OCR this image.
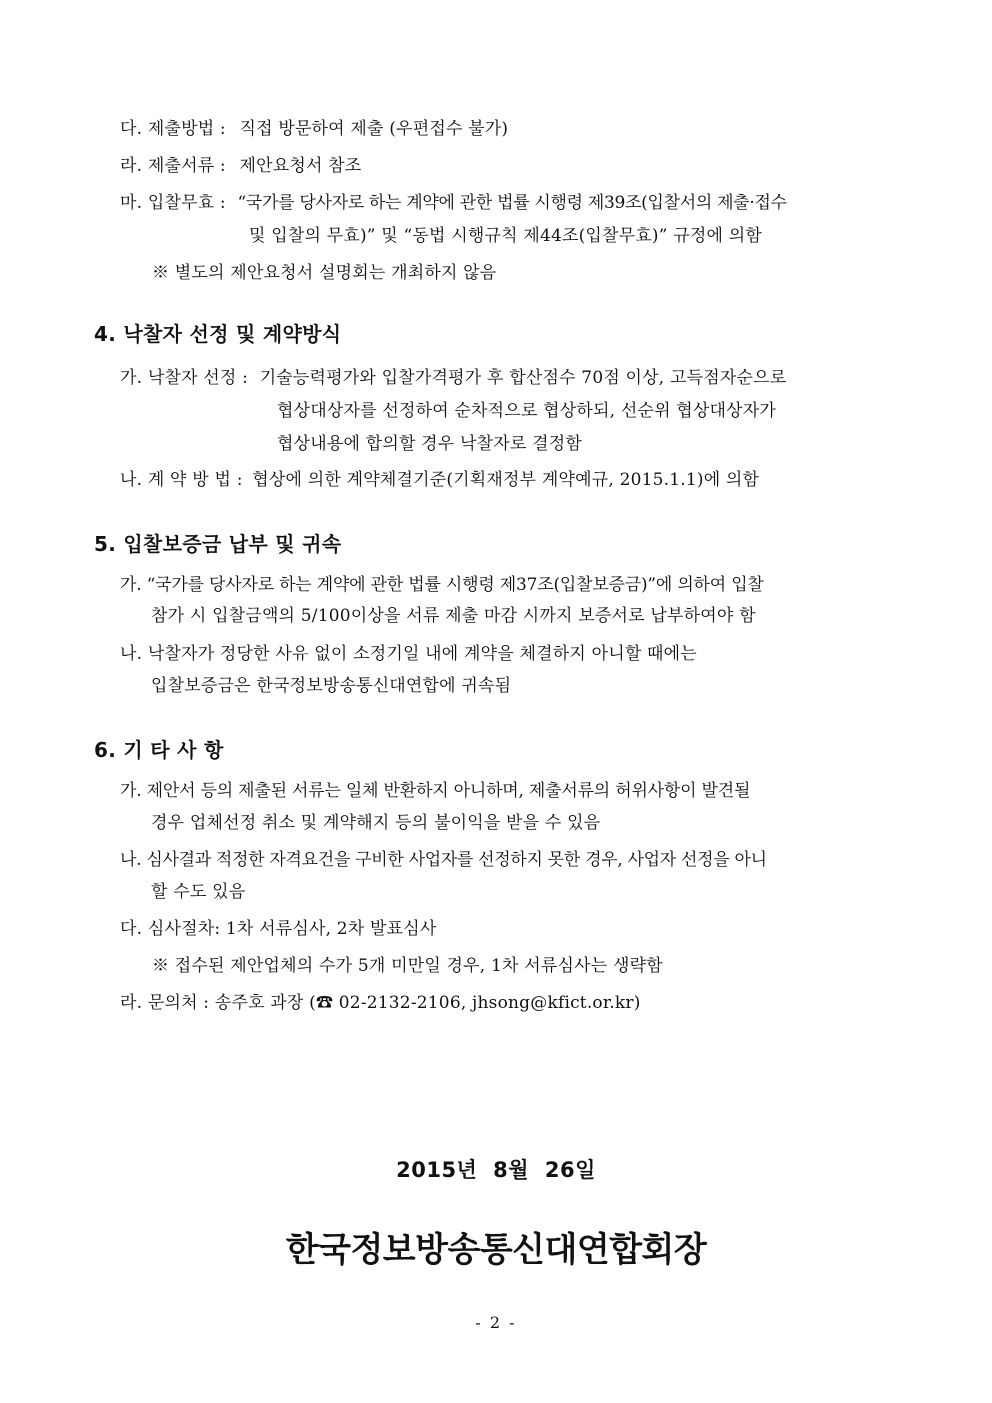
다. 제출방법 : 직접 방문하여 제출 (우편접수 불가)
라. 제출서류 : 제안요청서 참조
마. 입찰무효 : “국가를 당사자로 하는 계약에 관한 법률 시행령 제39조(입찰서의 제출·접수
및 입찰의 무효)” 및 “동법 시행규칙 제44조(입찰무효)” 규정에 의함
※ 별도의 제안요청서 설명회는 개최하지 않음
4. 낙찰자 선정 및 계약방식
가. 낙찰자 선정 : 기술능력평가와 입찰가격평가 후 합산점수 70점 이상, 고득점자순으로
협상대상자를 선정하여 순차적으로 협상하되, 선순위 협상대상자가
협상내용에 합의할 경우 낙찰자로 결정함
나. 계 약 방 법 : 협상에 의한 계약체결기준(기획재정부 계약예규, 2015.1.1)에 의함
5. 입찰보증금 납부 및 귀속
가. “국가를 당사자로 하는 계약에 관한 법률 시행령 제37조(입찰보증금)”에 의하여 입찰
참가 시 입찰금액의 5/100이상을 서류 제출 마감 시까지 보증서로 납부하여야 함
나. 낙찰자가 정당한 사유 없이 소정기일 내에 계약을 체결하지 아니할 때에는
입찰보증금은 한국정보방송통신대연합에 귀속됨
6. 기 타 사 항
가. 제안서 등의 제출된 서류는 일체 반환하지 아니하며, 제출서류의 허위사항이 발견될
경우 업체선정 취소 및 계약해지 등의 불이익을 받을 수 있음
나. 심사결과 적정한 자격요건을 구비한 사업자를 선정하지 못한 경우, 사업자 선정을 아니
할 수도 있음
다. 심사절차: 1차 서류심사, 2차 발표심사
※ 접수된 제안업체의 수가 5개 미만일 경우, 1차 서류심사는 생략함
라. 문의처 : 송주호 과장 (☎ 02-2132-2106, jhsong@kfict.or.kr)
2015년 8월 26일
한국정보방송통신대연합회장
- 2 -
